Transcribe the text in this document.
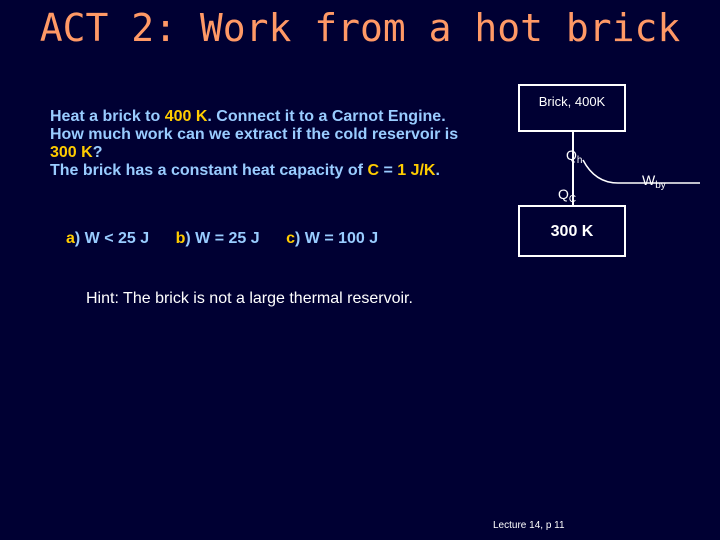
ACT 2: Work from a hot brick
Heat a brick to 400 K. Connect it to a Carnot Engine.
How much work can we extract if the cold reservoir is
300 K?
The brick has a constant heat capacity of C = 1 J/K.
a) W < 25 J b) W = 25 J c) W = 100 J
Hint: The brick is not a large thermal reservoir.
Brick, 400K
300 K
$Q_h$
$Q_C$
$W_{by}$
Lecture 14, p 11
